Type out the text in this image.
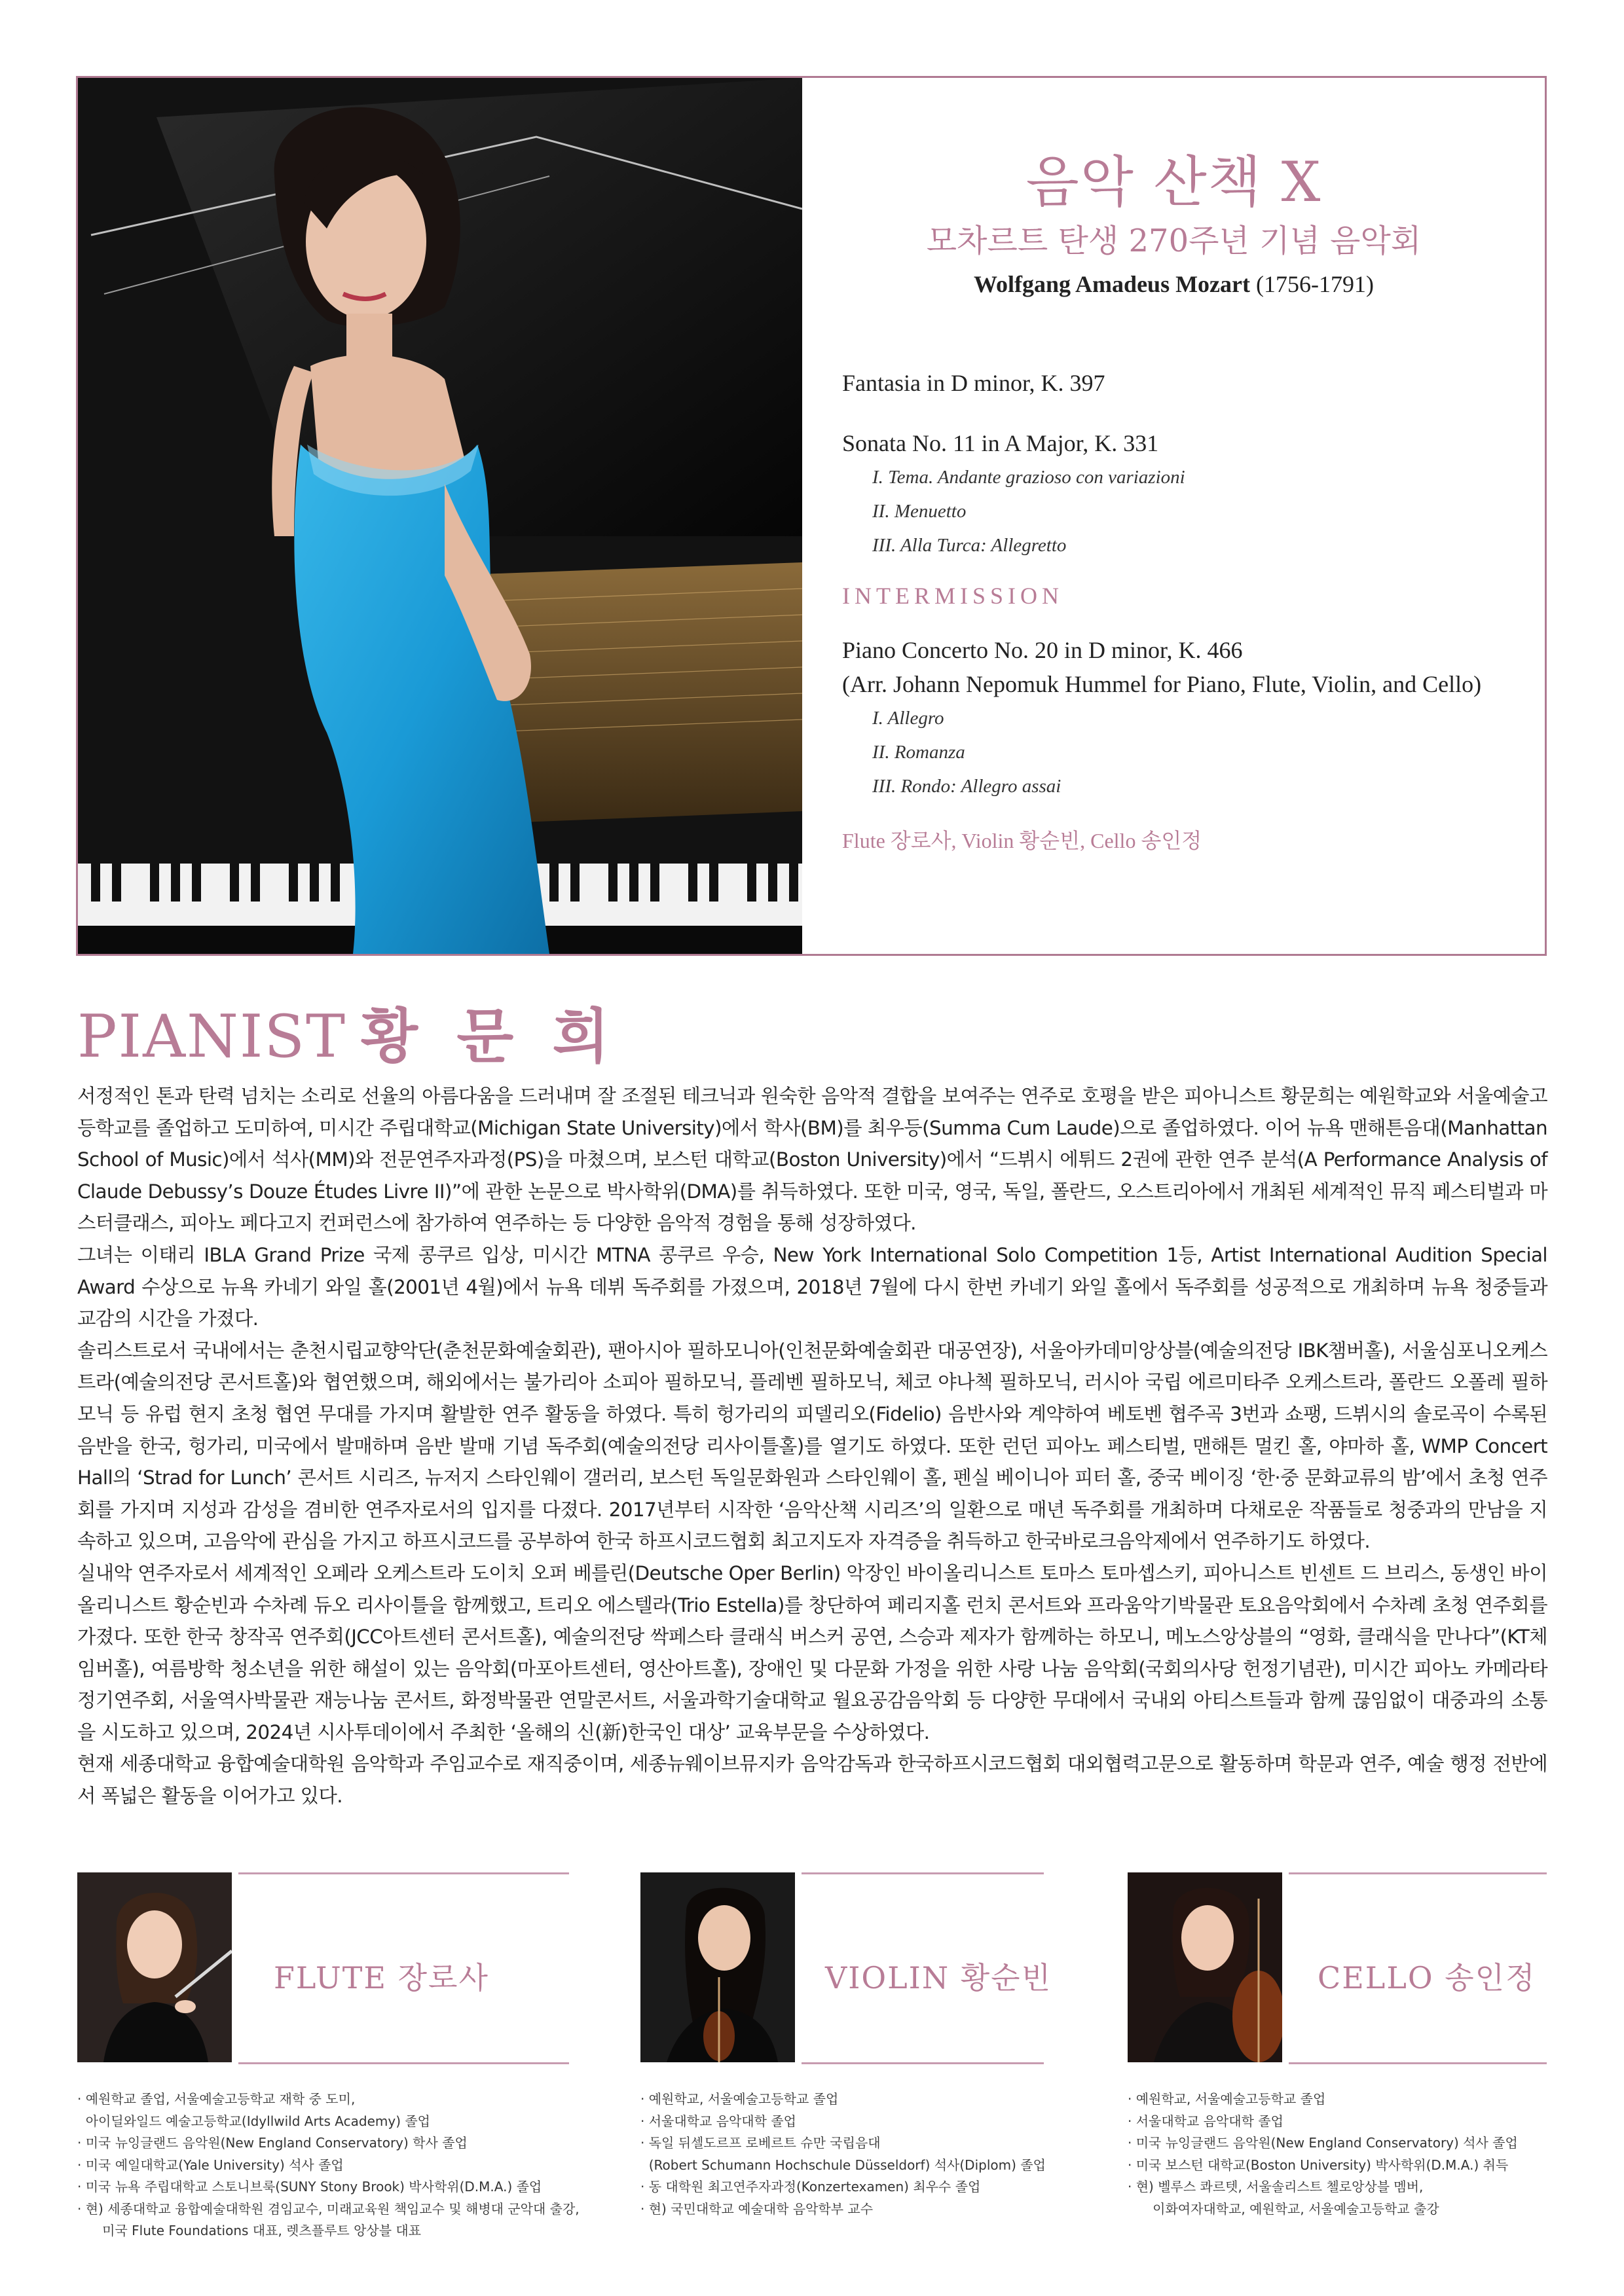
음악 산책 X
모차르트 탄생 270주년 기념 음악회
Wolfgang Amadeus Mozart (1756-1791)
Fantasia in D minor, K. 397
Sonata No. 11 in A Major, K. 331
I. Tema. Andante grazioso con variazioni
II. Menuetto
III. Alla Turca: Allegretto
INTERMISSION
Piano Concerto No. 20 in D minor, K. 466
(Arr. Johann Nepomuk Hummel for Piano, Flute, Violin, and Cello)
I. Allegro
II. Romanza
III. Rondo: Allegro assai
Flute 장로사, Violin 황순빈, Cello 송인정
PIANIST 황 문 희

서정적인 톤과 탄력 넘치는 소리로 선율의 아름다움을 드러내며 잘 조절된 테크닉과 원숙한 음악적 결합을 보여주는 연주로 호평을 받은 피아니스트 황문희는 예원학교와 서울예술고등학교를 졸업하고 도미하여, 미시간 주립대학교(Michigan State University)에서 학사(BM)를 최우등(Summa Cum Laude)으로 졸업하였다. 이어 뉴욕 맨해튼음대(Manhattan School of Music)에서 석사(MM)와 전문연주자과정(PS)을 마쳤으며, 보스턴 대학교(Boston University)에서 “드뷔시 에튀드 2권에 관한 연주 분석(A Performance Analysis of Claude Debussy’s Douze Études Livre II)”에 관한 논문으로 박사학위(DMA)를 취득하였다. 또한 미국, 영국, 독일, 폴란드, 오스트리아에서 개최된 세계적인 뮤직 페스티벌과 마스터클래스, 피아노 페다고지 컨퍼런스에 참가하여 연주하는 등 다양한 음악적 경험을 통해 성장하였다.

그녀는 이태리 IBLA Grand Prize 국제 콩쿠르 입상, 미시간 MTNA 콩쿠르 우승, New York International Solo Competition 1등, Artist International Audition Special Award 수상으로 뉴욕 카네기 와일 홀(2001년 4월)에서 뉴욕 데뷔 독주회를 가졌으며, 2018년 7월에 다시 한번 카네기 와일 홀에서 독주회를 성공적으로 개최하며 뉴욕 청중들과 교감의 시간을 가졌다.

솔리스트로서 국내에서는 춘천시립교향악단(춘천문화예술회관), 팬아시아 필하모니아(인천문화예술회관 대공연장), 서울아카데미앙상블(예술의전당 IBK챔버홀), 서울심포니오케스트라(예술의전당 콘서트홀)와 협연했으며, 해외에서는 불가리아 소피아 필하모닉, 플레벤 필하모닉, 체코 야나첵 필하모닉, 러시아 국립 에르미타주 오케스트라, 폴란드 오폴레 필하모닉 등 유럽 현지 초청 협연 무대를 가지며 활발한 연주 활동을 하였다. 특히 헝가리의 피델리오(Fidelio) 음반사와 계약하여 베토벤 협주곡 3번과 쇼팽, 드뷔시의 솔로곡이 수록된 음반을 한국, 헝가리, 미국에서 발매하며 음반 발매 기념 독주회(예술의전당 리사이틀홀)를 열기도 하였다. 또한 런던 피아노 페스티벌, 맨해튼 멀킨 홀, 야마하 홀, WMP Concert Hall의 ‘Strad for Lunch’ 콘서트 시리즈, 뉴저지 스타인웨이 갤러리, 보스턴 독일문화원과 스타인웨이 홀, 펜실 베이니아 피터 홀, 중국 베이징 ‘한·중 문화교류의 밤’에서 초청 연주회를 가지며 지성과 감성을 겸비한 연주자로서의 입지를 다졌다. 2017년부터 시작한 ‘음악산책 시리즈’의 일환으로 매년 독주회를 개최하며 다채로운 작품들로 청중과의 만남을 지속하고 있으며, 고음악에 관심을 가지고 하프시코드를 공부하여 한국 하프시코드협회 최고지도자 자격증을 취득하고 한국바로크음악제에서 연주하기도 하였다.

실내악 연주자로서 세계적인 오페라 오케스트라 도이치 오퍼 베를린(Deutsche Oper Berlin) 악장인 바이올리니스트 토마스 토마셉스키, 피아니스트 빈센트 드 브리스, 동생인 바이올리니스트 황순빈과 수차례 듀오 리사이틀을 함께했고, 트리오 에스텔라(Trio Estella)를 창단하여 페리지홀 런치 콘서트와 프라움악기박물관 토요음악회에서 수차례 초청 연주회를 가졌다. 또한 한국 창작곡 연주회(JCC아트센터 콘서트홀), 예술의전당 싹페스타 클래식 버스커 공연, 스승과 제자가 함께하는 하모니, 메노스앙상블의 “영화, 클래식을 만나다”(KT체임버홀), 여름방학 청소년을 위한 해설이 있는 음악회(마포아트센터, 영산아트홀), 장애인 및 다문화 가정을 위한 사랑 나눔 음악회(국회의사당 헌정기념관), 미시간 피아노 카메라타 정기연주회, 서울역사박물관 재능나눔 콘서트, 화정박물관 연말콘서트, 서울과학기술대학교 월요공감음악회 등 다양한 무대에서 국내외 아티스트들과 함께 끊임없이 대중과의 소통을 시도하고 있으며, 2024년 시사투데이에서 주최한 ‘올해의 신(新)한국인 대상’ 교육부문을 수상하였다.

현재 세종대학교 융합예술대학원 음악학과 주임교수로 재직중이며, 세종뉴웨이브뮤지카 음악감독과 한국하프시코드협회 대외협력고문으로 활동하며 학문과 연주, 예술 행정 전반에서 폭넓은 활동을 이어가고 있다.

FLUTE 장로사
· 예원학교 졸업, 서울예술고등학교 재학 중 도미,
아이딜와일드 예술고등학교(Idyllwild Arts Academy) 졸업
· 미국 뉴잉글랜드 음악원(New England Conservatory) 학사 졸업
· 미국 예일대학교(Yale University) 석사 졸업
· 미국 뉴욕 주립대학교 스토니브룩(SUNY Stony Brook) 박사학위(D.M.A.) 졸업
· 현) 세종대학교 융합예술대학원 겸임교수, 미래교육원 책임교수 및 해병대 군악대 출강,
미국 Flute Foundations 대표, 렛츠플루트 앙상블 대표
VIOLIN 황순빈
· 예원학교, 서울예술고등학교 졸업
· 서울대학교 음악대학 졸업
· 독일 뒤셀도르프 로베르트 슈만 국립음대
(Robert Schumann Hochschule Düsseldorf) 석사(Diplom) 졸업
· 동 대학원 최고연주자과정(Konzertexamen) 최우수 졸업
· 현) 국민대학교 예술대학 음악학부 교수
CELLO 송인정
· 예원학교, 서울예술고등학교 졸업
· 서울대학교 음악대학 졸업
· 미국 뉴잉글랜드 음악원(New England Conservatory) 석사 졸업
· 미국 보스턴 대학교(Boston University) 박사학위(D.M.A.) 취득
· 현) 벨루스 콰르텟, 서울솔리스트 첼로앙상블 멤버,
이화여자대학교, 예원학교, 서울예술고등학교 출강
